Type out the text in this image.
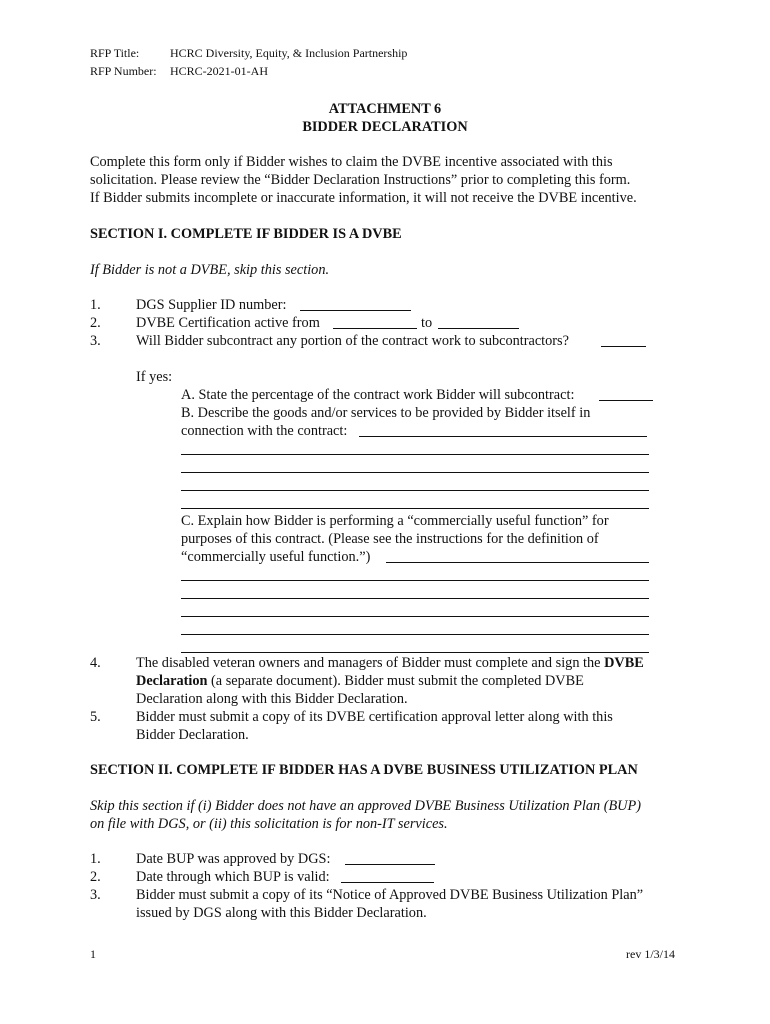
RFP Title:	HCRC Diversity, Equity, & Inclusion Partnership
RFP Number: HCRC-2021-01-AH
ATTACHMENT 6
BIDDER DECLARATION
Complete this form only if Bidder wishes to claim the DVBE incentive associated with this
solicitation. Please review the “Bidder Declaration Instructions” prior to completing this form.
If Bidder submits incomplete or inaccurate information, it will not receive the DVBE incentive.
SECTION I. COMPLETE IF BIDDER IS A DVBE
If Bidder is not a DVBE, skip this section.
1. DGS Supplier ID number:
2. DVBE Certification active from	to
3. Will Bidder subcontract any portion of the contract work to subcontractors?
If yes:
A. State the percentage of the contract work Bidder will subcontract:
B. Describe the goods and/or services to be provided by Bidder itself in
connection with the contract:
C. Explain how Bidder is performing a “commercially useful function” for
purposes of this contract. (Please see the instructions for the definition of
“commercially useful function.”)
4. The disabled veteran owners and managers of Bidder must complete and sign the DVBE
Declaration (a separate document). Bidder must submit the completed DVBE
Declaration along with this Bidder Declaration.
5. Bidder must submit a copy of its DVBE certification approval letter along with this
Bidder Declaration.
SECTION II. COMPLETE IF BIDDER HAS A DVBE BUSINESS UTILIZATION PLAN
Skip this section if (i) Bidder does not have an approved DVBE Business Utilization Plan (BUP)
on file with DGS, or (ii) this solicitation is for non-IT services.
1. Date BUP was approved by DGS:
2. Date through which BUP is valid:
3. Bidder must submit a copy of its “Notice of Approved DVBE Business Utilization Plan”
issued by DGS along with this Bidder Declaration.
1	rev 1/3/14
